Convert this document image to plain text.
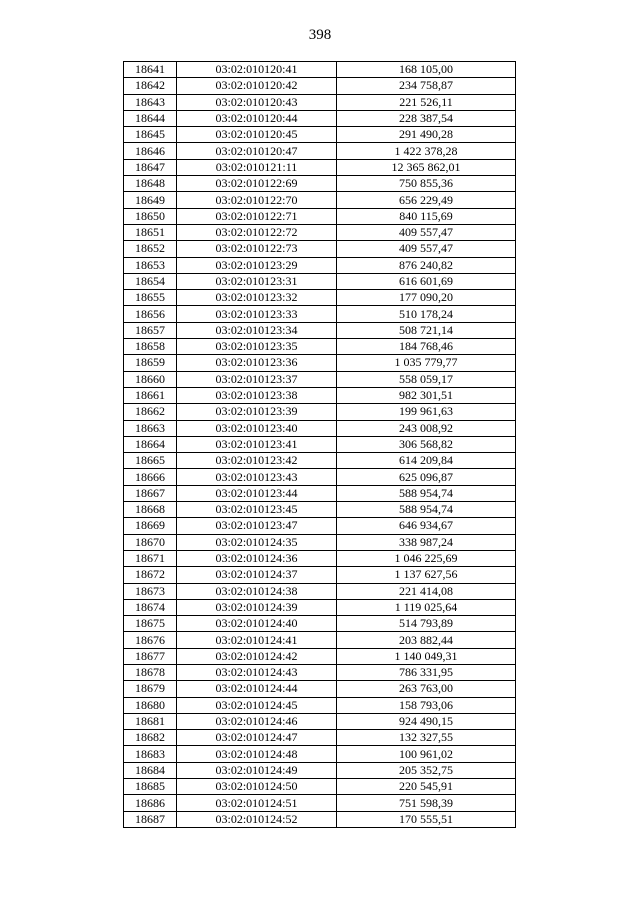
398
18641	03:02:010120:41	168 105,00
18642	03:02:010120:42	234 758,87
18643	03:02:010120:43	221 526,11
18644	03:02:010120:44	228 387,54
18645	03:02:010120:45	291 490,28
18646	03:02:010120:47	1 422 378,28
18647	03:02:010121:11	12 365 862,01
18648	03:02:010122:69	750 855,36
18649	03:02:010122:70	656 229,49
18650	03:02:010122:71	840 115,69
18651	03:02:010122:72	409 557,47
18652	03:02:010122:73	409 557,47
18653	03:02:010123:29	876 240,82
18654	03:02:010123:31	616 601,69
18655	03:02:010123:32	177 090,20
18656	03:02:010123:33	510 178,24
18657	03:02:010123:34	508 721,14
18658	03:02:010123:35	184 768,46
18659	03:02:010123:36	1 035 779,77
18660	03:02:010123:37	558 059,17
18661	03:02:010123:38	982 301,51
18662	03:02:010123:39	199 961,63
18663	03:02:010123:40	243 008,92
18664	03:02:010123:41	306 568,82
18665	03:02:010123:42	614 209,84
18666	03:02:010123:43	625 096,87
18667	03:02:010123:44	588 954,74
18668	03:02:010123:45	588 954,74
18669	03:02:010123:47	646 934,67
18670	03:02:010124:35	338 987,24
18671	03:02:010124:36	1 046 225,69
18672	03:02:010124:37	1 137 627,56
18673	03:02:010124:38	221 414,08
18674	03:02:010124:39	1 119 025,64
18675	03:02:010124:40	514 793,89
18676	03:02:010124:41	203 882,44
18677	03:02:010124:42	1 140 049,31
18678	03:02:010124:43	786 331,95
18679	03:02:010124:44	263 763,00
18680	03:02:010124:45	158 793,06
18681	03:02:010124:46	924 490,15
18682	03:02:010124:47	132 327,55
18683	03:02:010124:48	100 961,02
18684	03:02:010124:49	205 352,75
18685	03:02:010124:50	220 545,91
18686	03:02:010124:51	751 598,39
18687	03:02:010124:52	170 555,51
